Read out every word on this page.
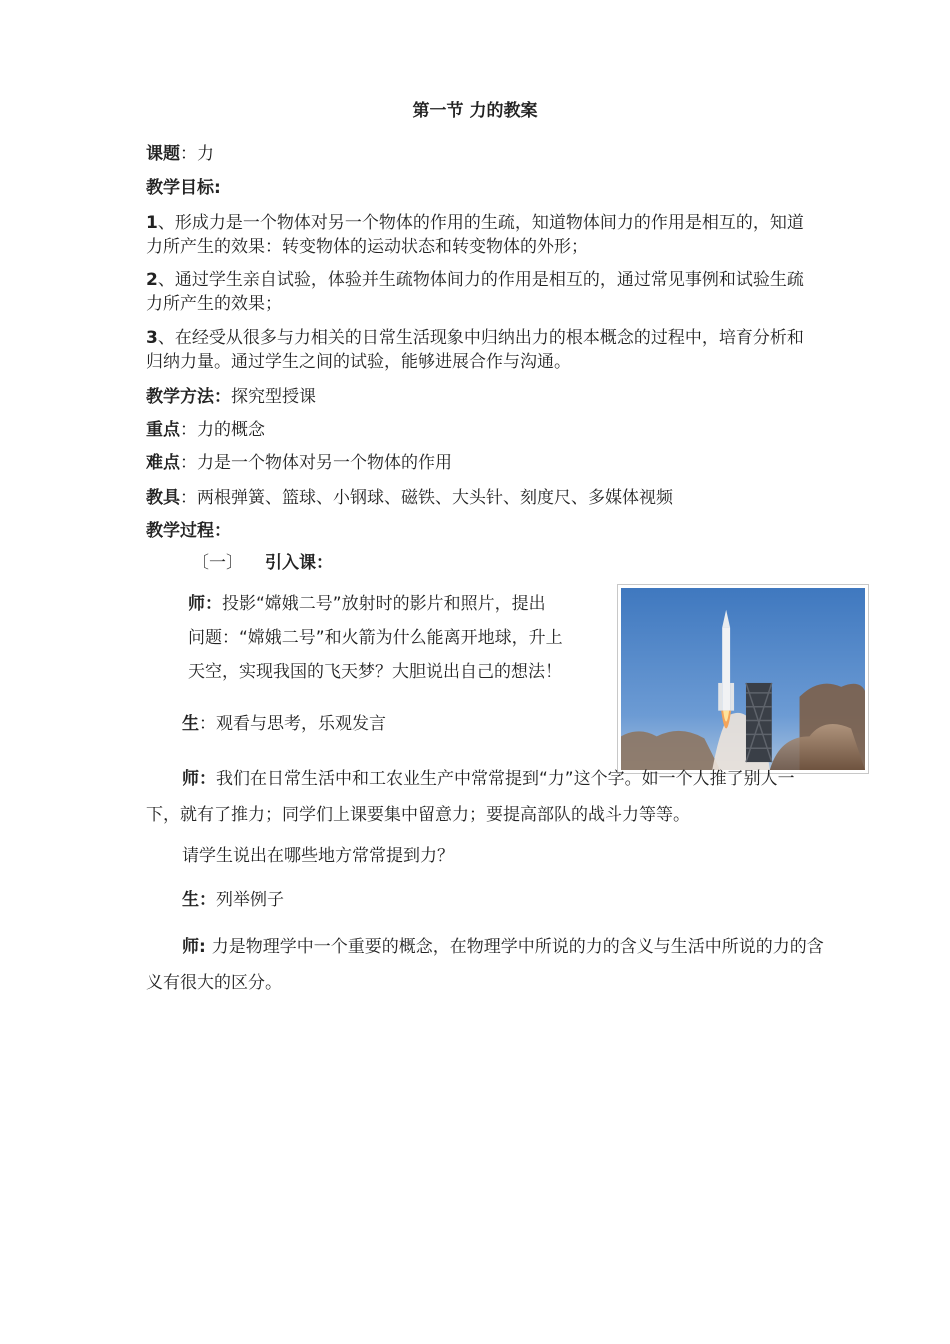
第一节 力的教案
课题：力
教学目标:
1、形成力是一个物体对另一个物体的作用的生疏，知道物体间力的作用是相互的，知道力所产生的效果：转变物体的运动状态和转变物体的外形；
2、通过学生亲自试验，体验并生疏物体间力的作用是相互的，通过常见事例和试验生疏力所产生的效果；
3、在经受从很多与力相关的日常生活现象中归纳出力的根本概念的过程中，培育分析和归纳力量。通过学生之间的试验，能够进展合作与沟通。
教学方法：探究型授课
重点：力的概念
难点：力是一个物体对另一个物体的作用
教具：两根弹簧、篮球、小钢球、磁铁、大头针、刻度尺、多媒体视频
教学过程：
〔一〕 引入课：
师：投影“嫦娥二号”放射时的影片和照片，提出
问题：“嫦娥二号”和火箭为什么能离开地球，升上
天空，实现我国的飞天梦？大胆说出自己的想法！
生：观看与思考，乐观发言
师：我们在日常生活中和工农业生产中常常提到“力”这个字。如一个人推了别人一下，就有了推力；同学们上课要集中留意力；要提高部队的战斗力等等。
请学生说出在哪些地方常常提到力？
生：列举例子
师: 力是物理学中一个重要的概念，在物理学中所说的力的含义与生活中所说的力的含义有很大的区分。
